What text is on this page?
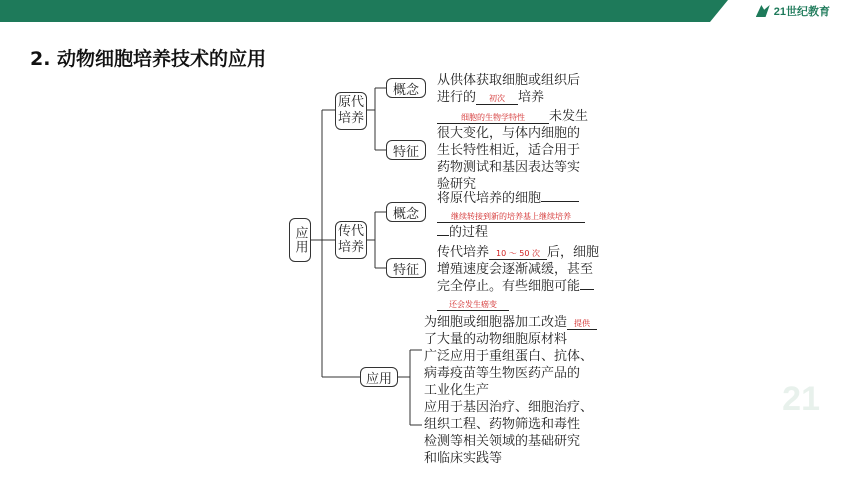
21世纪教育
2. 动物细胞培养技术的应用
应用
原代培养
概念
特征
从供体获取细胞或组织后
进行的 初次 培养
细胞的生物学特性 未发生
很大变化，与体内细胞的
生长特性相近，适合用于
药物测试和基因表达等实
验研究
传代培养
概念
特征
将原代培养的细胞
继续转接到新的培养基上继续培养
的过程
传代培养 10 ～ 50 次 后，细胞
增殖速度会逐渐减缓，甚至
完全停止。有些细胞可能
还会发生癌变
应用
为细胞或细胞器加工改造 提供
了大量的动物细胞原材料
广泛应用于重组蛋白、抗体、
病毒疫苗等生物医药产品的
工业化生产
应用于基因治疗、细胞治疗、
组织工程、药物筛选和毒性
检测等相关领域的基础研究
和临床实践等
21
